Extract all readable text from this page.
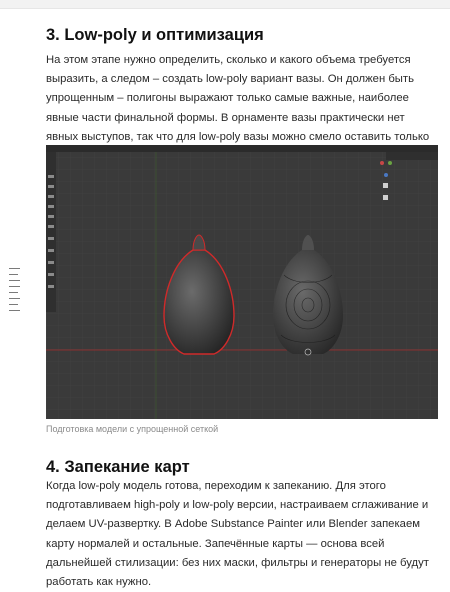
3. Low-poly и оптимизация

На этом этапе нужно определить, сколько и какого объема требуется выразить, а следом – создать low-poly вариант вазы. Он должен быть упрощенным – полигоны выражают только самые важные, наиболее явные части финальной формы. В орнаменте вазы практически нет явных выступов, так что для low-poly вазы можно смело оставить только

Подготовка модели с упрощенной сеткой
4. Запекание карт

Когда low-poly модель готова, переходим к запеканию. Для этого подготавливаем high-poly и low-poly версии, настраиваем сглаживание и делаем UV-развертку. В Adobe Substance Painter или Blender запекаем карту нормалей и остальные. Запечённые карты — основа всей дальнейшей стилизации: без них маски, фильтры и генераторы не будут работать как нужно.
